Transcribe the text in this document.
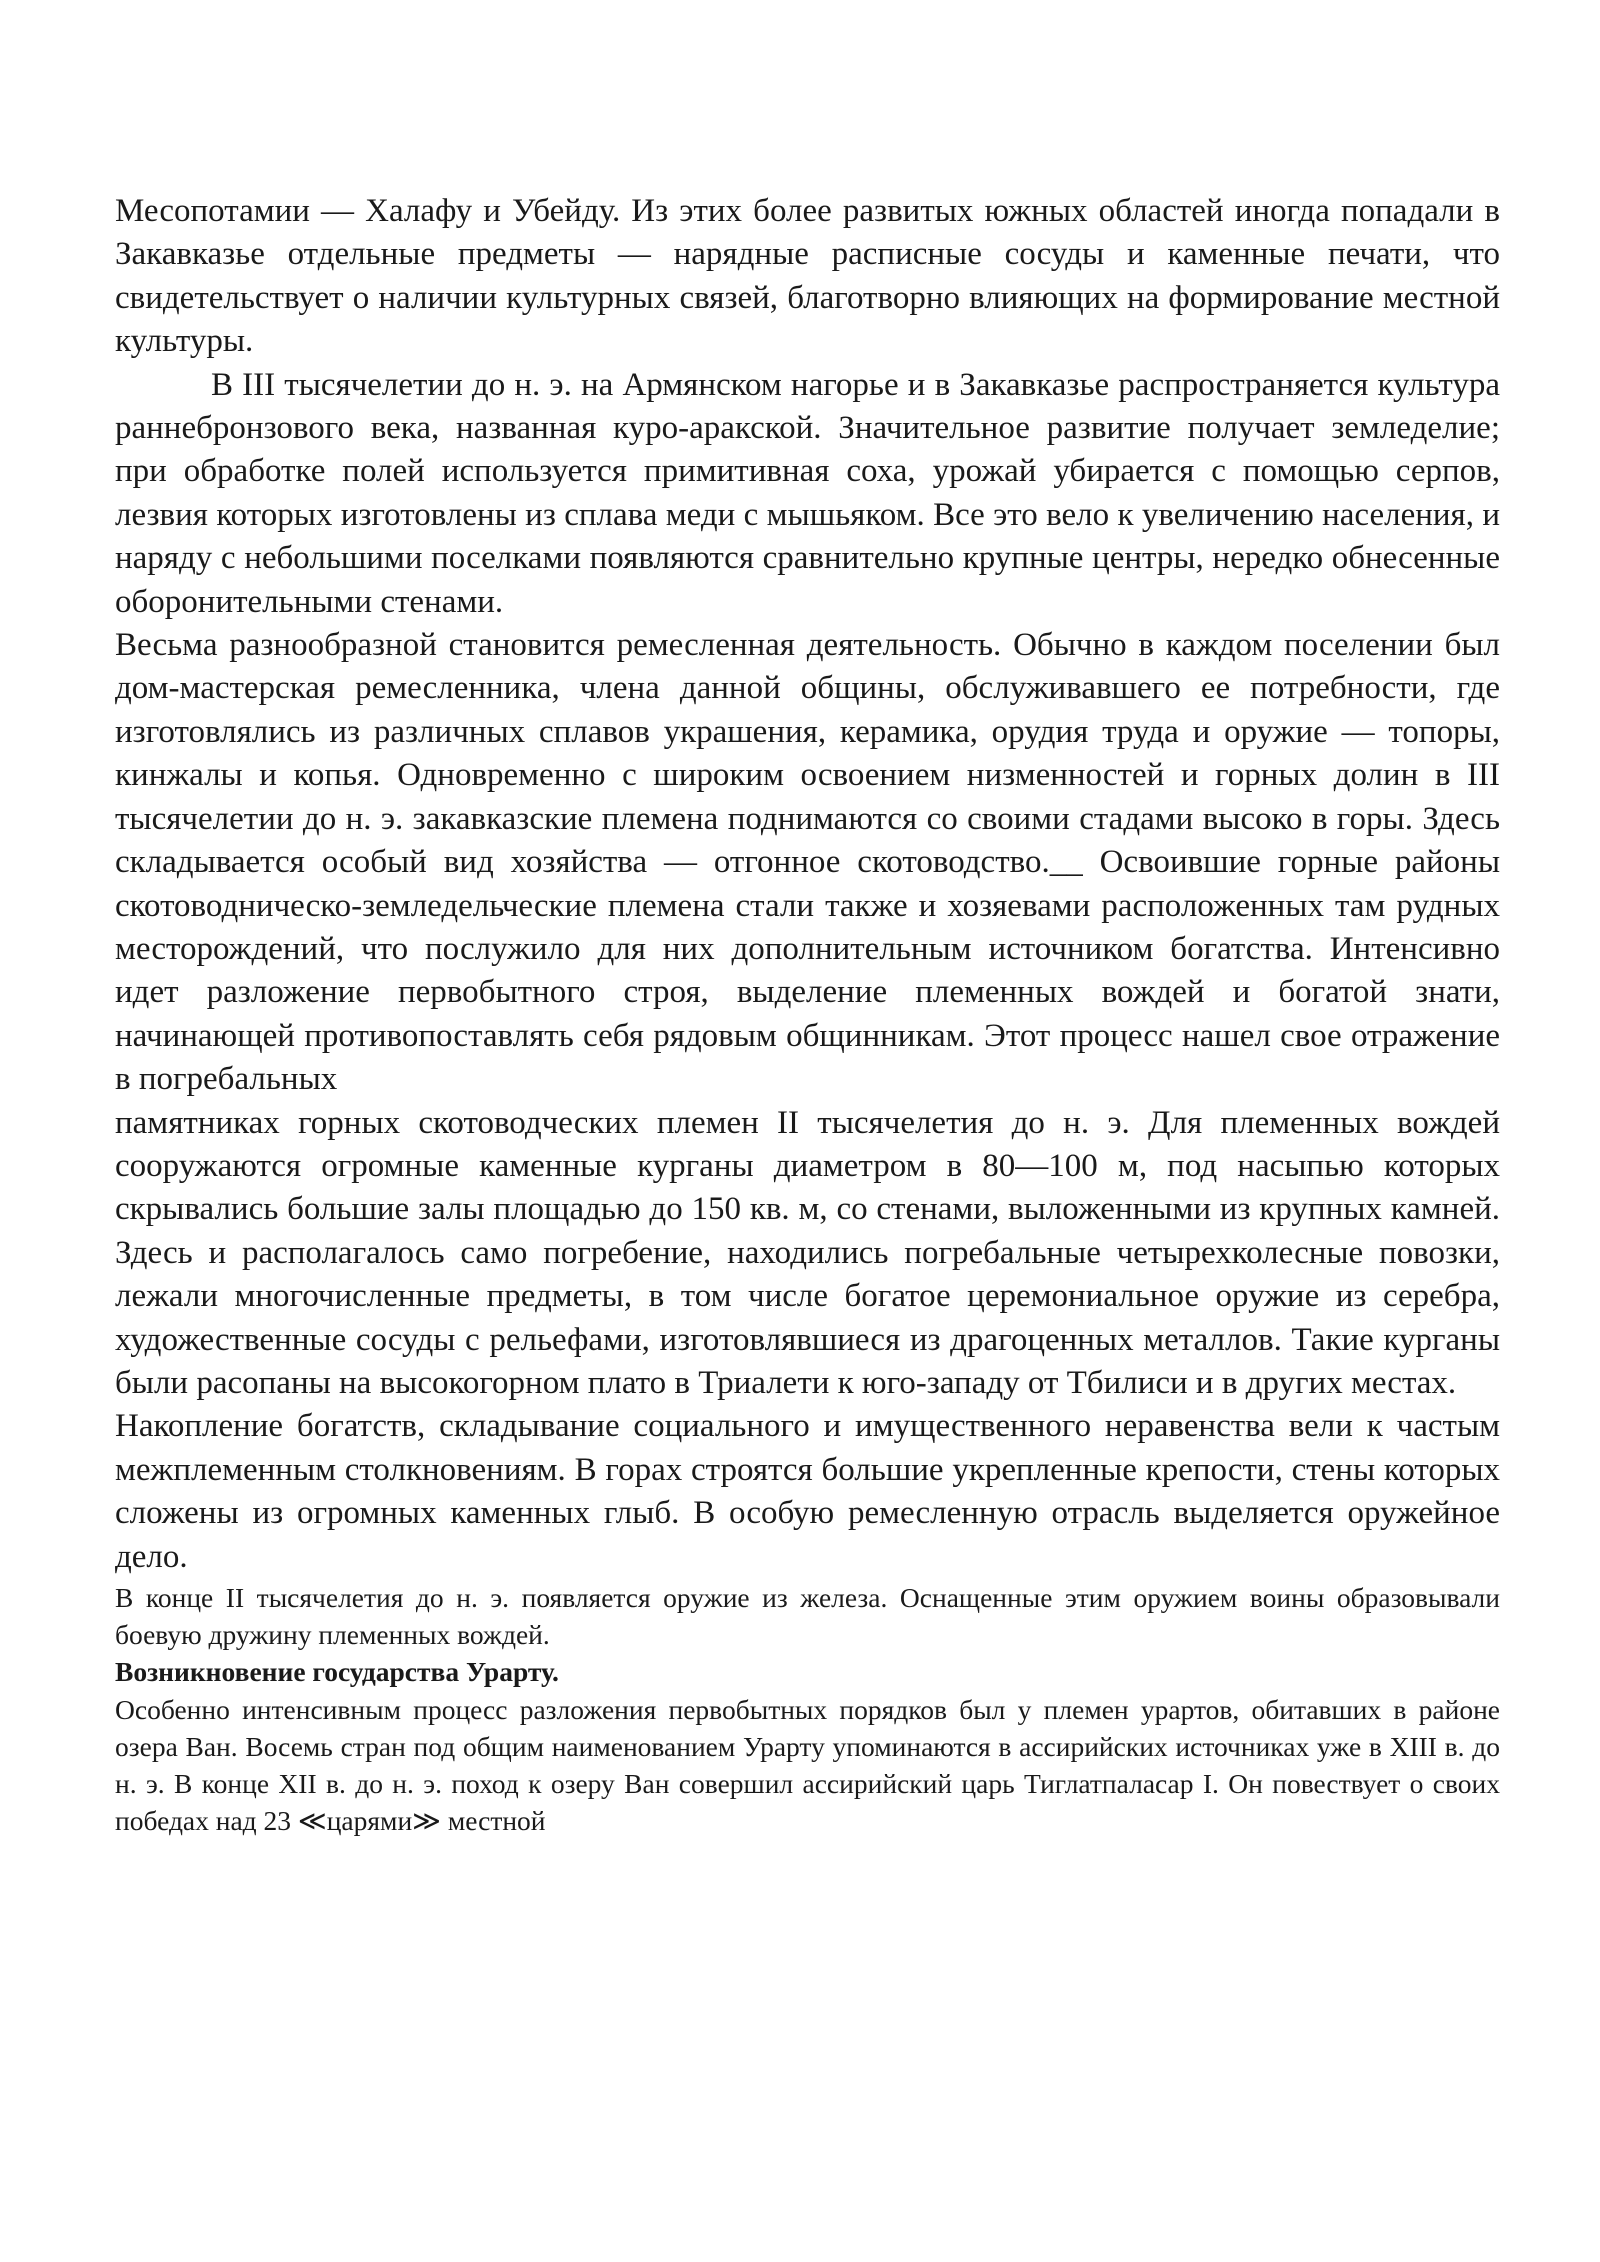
Месопотамии — Халафу и Убейду. Из этих более развитых южных областей иногда попадали в Закавказье отдельные предметы — нарядные расписные сосуды и каменные печати, что свидетельствует о наличии культурных связей, благотворно влияющих на формирование местной культуры.

В III тысячелетии до н. э. на Армянском нагорье и в Закавказье распространяется культура раннебронзового века, названная куро-аракской. Значительное развитие получает земледелие; при обработке полей используется примитивная соха, урожай убирается с помощью серпов, лезвия которых изготовлены из сплава меди с мышьяком. Все это вело к увеличению населения, и наряду с небольшими поселками появляются сравнительно крупные центры, нередко обнесенные оборонительными стенами.

Весьма разнообразной становится ремесленная деятельность. Обычно в каждом поселении был дом-мастерская ремесленника, члена данной общины, обслуживавшего ее потребности, где изготовлялись из различных сплавов украшения, керамика, орудия труда и оружие — топоры, кинжалы и копья. Одновременно с широким освоением низменностей и горных долин в III тысячелетии до н. э. закавказские племена поднимаются со своими стадами высоко в горы. Здесь складывается особый вид хозяйства — отгонное скотоводство.__ Освоившие горные районы скотоводническо-земледельческие племена стали также и хозяевами расположенных там рудных месторождений, что послужило для них дополнительным источником богатства. Интенсивно идет разложение первобытного строя, выделение племенных вождей и богатой знати, начинающей противопоставлять себя рядовым общинникам. Этот процесс нашел свое отражение в погребальных

памятниках горных скотоводческих племен II тысячелетия до н. э. Для племенных вождей сооружаются огромные каменные курганы диаметром в 80—100 м, под насыпью которых скрывались большие залы площадью до 150 кв. м, со стенами, выложенными из крупных камней. Здесь и располагалось само погребение, находились погребальные четырехколесные повозки, лежали многочисленные предметы, в том числе богатое церемониальное оружие из серебра, художественные сосуды с рельефами, изготовлявшиеся из драгоценных металлов. Такие курганы были расопаны на высокогорном плато в Триалети к юго-западу от Тбилиси и в других местах.

Накопление богатств, складывание социального и имущественного неравенства вели к частым межплеменным столкновениям. В горах строятся большие укрепленные крепости, стены которых сложены из огромных каменных глыб. В особую ремесленную отрасль выделяется оружейное дело.

В конце II тысячелетия до н. э. появляется оружие из железа. Оснащенные этим оружием воины образовывали боевую дружину племенных вождей.

Возникновение государства Урарту.

Особенно интенсивным процесс разложения первобытных порядков был у племен урартов, обитавших в районе озера Ван. Восемь стран под общим наименованием Урарту упоминаются в ассирийских источниках уже в XIII в. до н. э. В конце XII в. до н. э. поход к озеру Ван совершил ассирийский царь Тиглатпаласар I. Он повествует о своих победах над 23 ≪царями≫ местной
